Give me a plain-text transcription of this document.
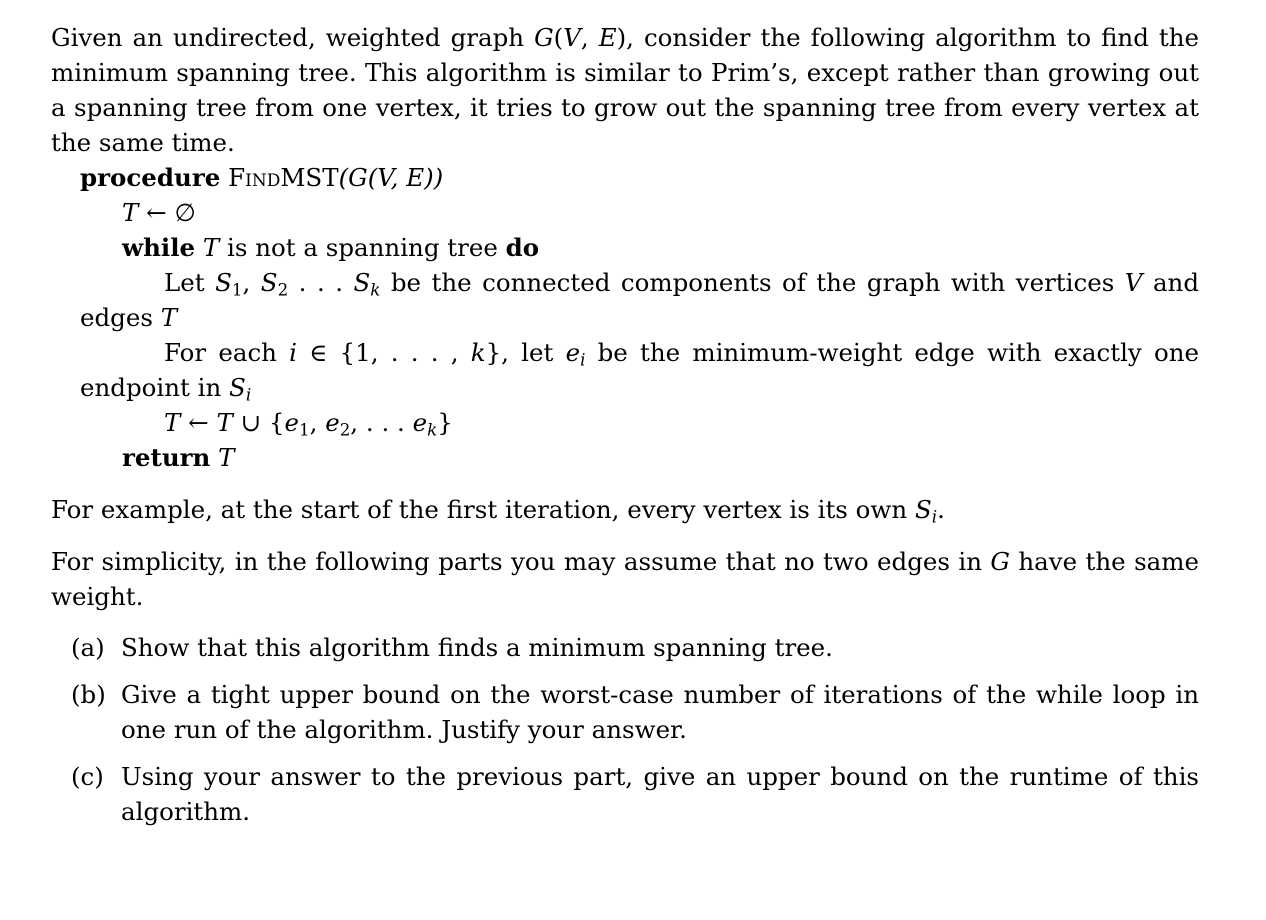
Given an undirected, weighted graph G(V, E), consider the following algorithm to find the minimum spanning tree. This algorithm is similar to Prim’s, except rather than growing out a spanning tree from one vertex, it tries to grow out the spanning tree from every vertex at the same time.

procedure FindMST(G(V, E))
T ← ∅
while T is not a spanning tree do
Let $S_1$, $S_2$ . . . $S_k$ be the connected components of the graph with vertices V and edges T
For each i ∈ {1, . . . , k}, let $e_i$ be the minimum-weight edge with exactly one endpoint in $S_i$
T ← T ∪ {$e_1$, $e_2$, . . . $e_k$}
return T

For example, at the start of the first iteration, every vertex is its own $S_i$.

For simplicity, in the following parts you may assume that no two edges in G have the same weight.

(a) Show that this algorithm finds a minimum spanning tree.
(b) Give a tight upper bound on the worst-case number of iterations of the while loop in one run of the algorithm. Justify your answer.
(c) Using your answer to the previous part, give an upper bound on the runtime of this algorithm.
